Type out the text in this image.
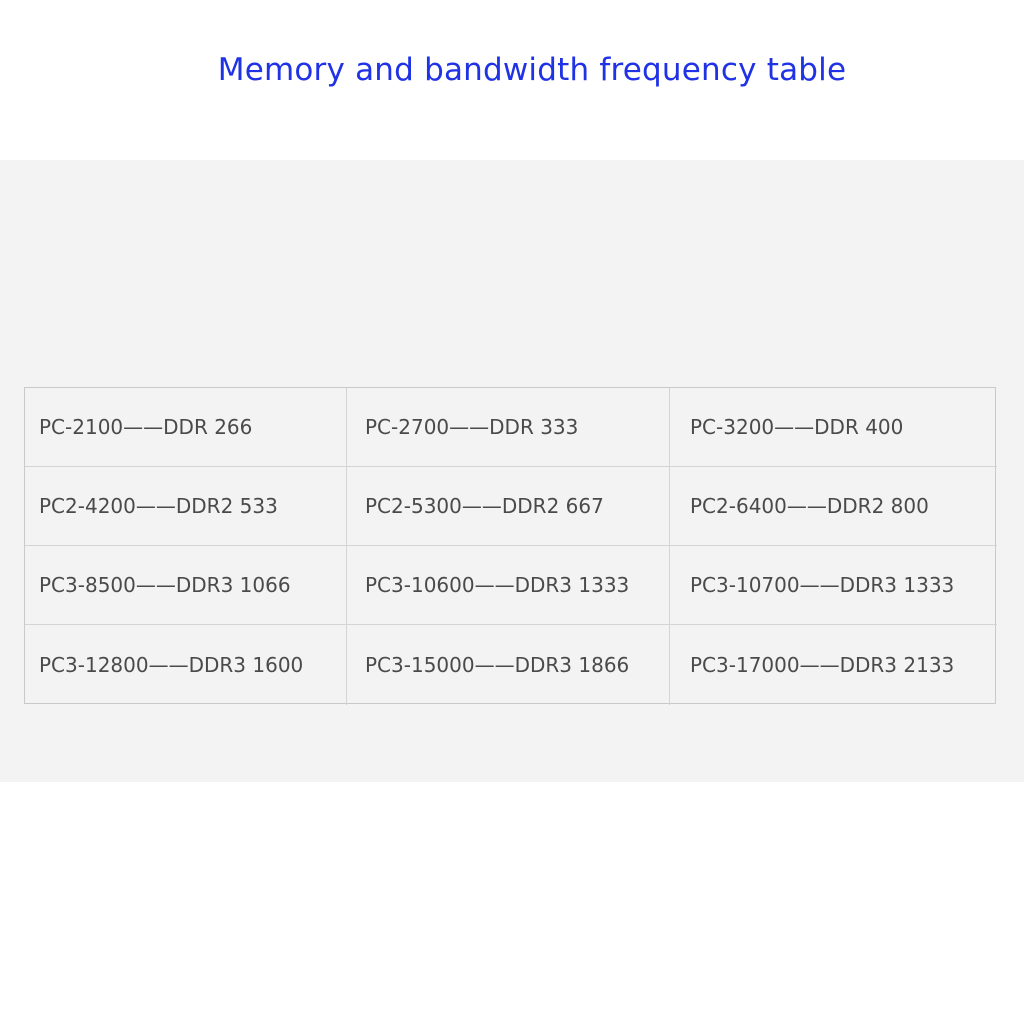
Memory and bandwidth frequency table
PC-2100——DDR 266	PC-2700——DDR 333	PC-3200——DDR 400
PC2-4200——DDR2 533	PC2-5300——DDR2 667	PC2-6400——DDR2 800
PC3-8500——DDR3 1066	PC3-10600——DDR3 1333	PC3-10700——DDR3 1333
PC3-12800——DDR3 1600	PC3-15000——DDR3 1866	PC3-17000——DDR3 2133
